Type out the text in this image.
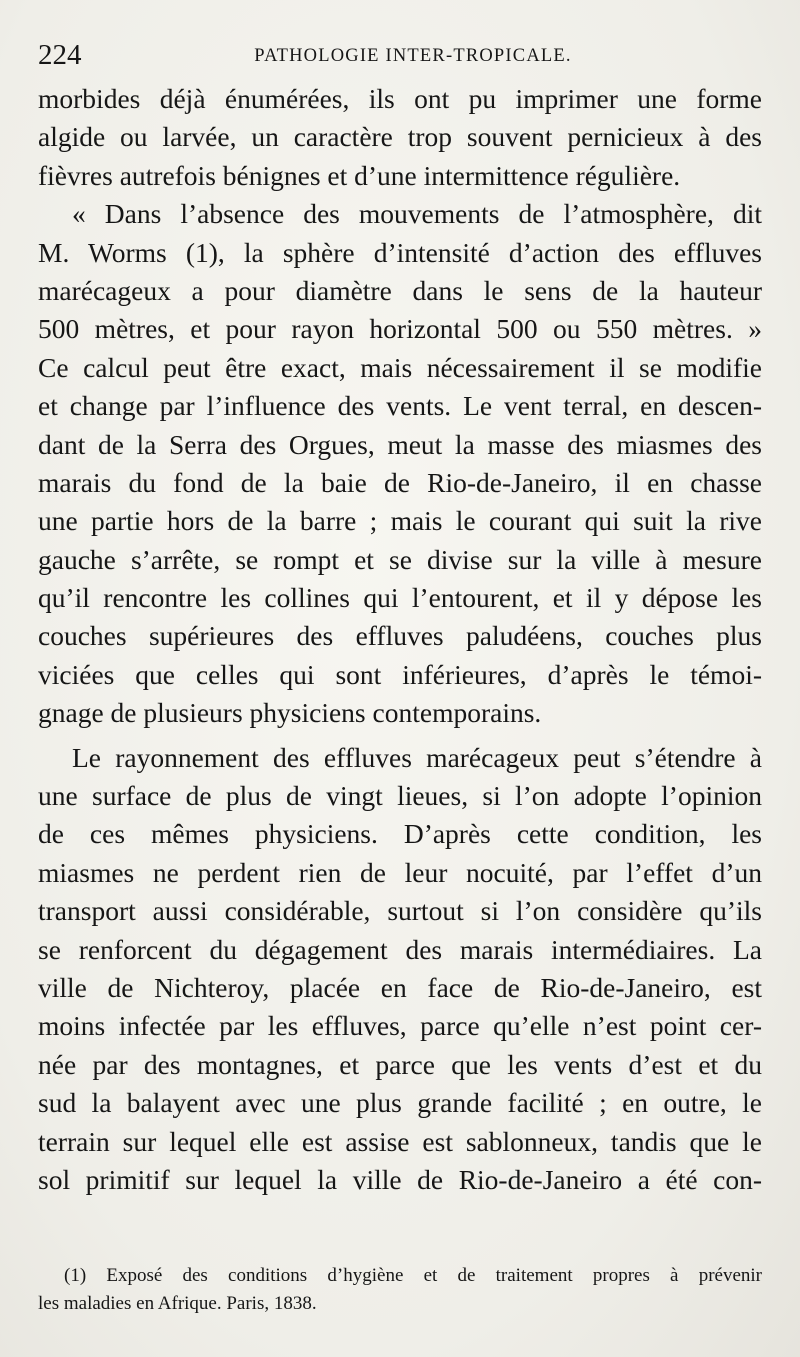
224	PATHOLOGIE INTER-TROPICALE.
morbides déjà énumérées, ils ont pu imprimer une forme
algide ou larvée, un caractère trop souvent pernicieux à des
fièvres autrefois bénignes et d’une intermittence régulière.
« Dans l’absence des mouvements de l’atmosphère, dit
M. Worms (1), la sphère d’intensité d’action des effluves
marécageux a pour diamètre dans le sens de la hauteur
500 mètres, et pour rayon horizontal 500 ou 550 mètres. »
Ce calcul peut être exact, mais nécessairement il se modifie
et change par l’influence des vents. Le vent terral, en descen-
dant de la Serra des Orgues, meut la masse des miasmes des
marais du fond de la baie de Rio-de-Janeiro, il en chasse
une partie hors de la barre ; mais le courant qui suit la rive
gauche s’arrête, se rompt et se divise sur la ville à mesure
qu’il rencontre les collines qui l’entourent, et il y dépose les
couches supérieures des effluves paludéens, couches plus
viciées que celles qui sont inférieures, d’après le témoi-
gnage de plusieurs physiciens contemporains.
Le rayonnement des effluves marécageux peut s’étendre à
une surface de plus de vingt lieues, si l’on adopte l’opinion
de ces mêmes physiciens. D’après cette condition, les
miasmes ne perdent rien de leur nocuité, par l’effet d’un
transport aussi considérable, surtout si l’on considère qu’ils
se renforcent du dégagement des marais intermédiaires. La
ville de Nichteroy, placée en face de Rio-de-Janeiro, est
moins infectée par les effluves, parce qu’elle n’est point cer-
née par des montagnes, et parce que les vents d’est et du
sud la balayent avec une plus grande facilité ; en outre, le
terrain sur lequel elle est assise est sablonneux, tandis que le
sol primitif sur lequel la ville de Rio-de-Janeiro a été con-
(1) Exposé des conditions d’hygiène et de traitement propres à prévenir
les maladies en Afrique. Paris, 1838.
